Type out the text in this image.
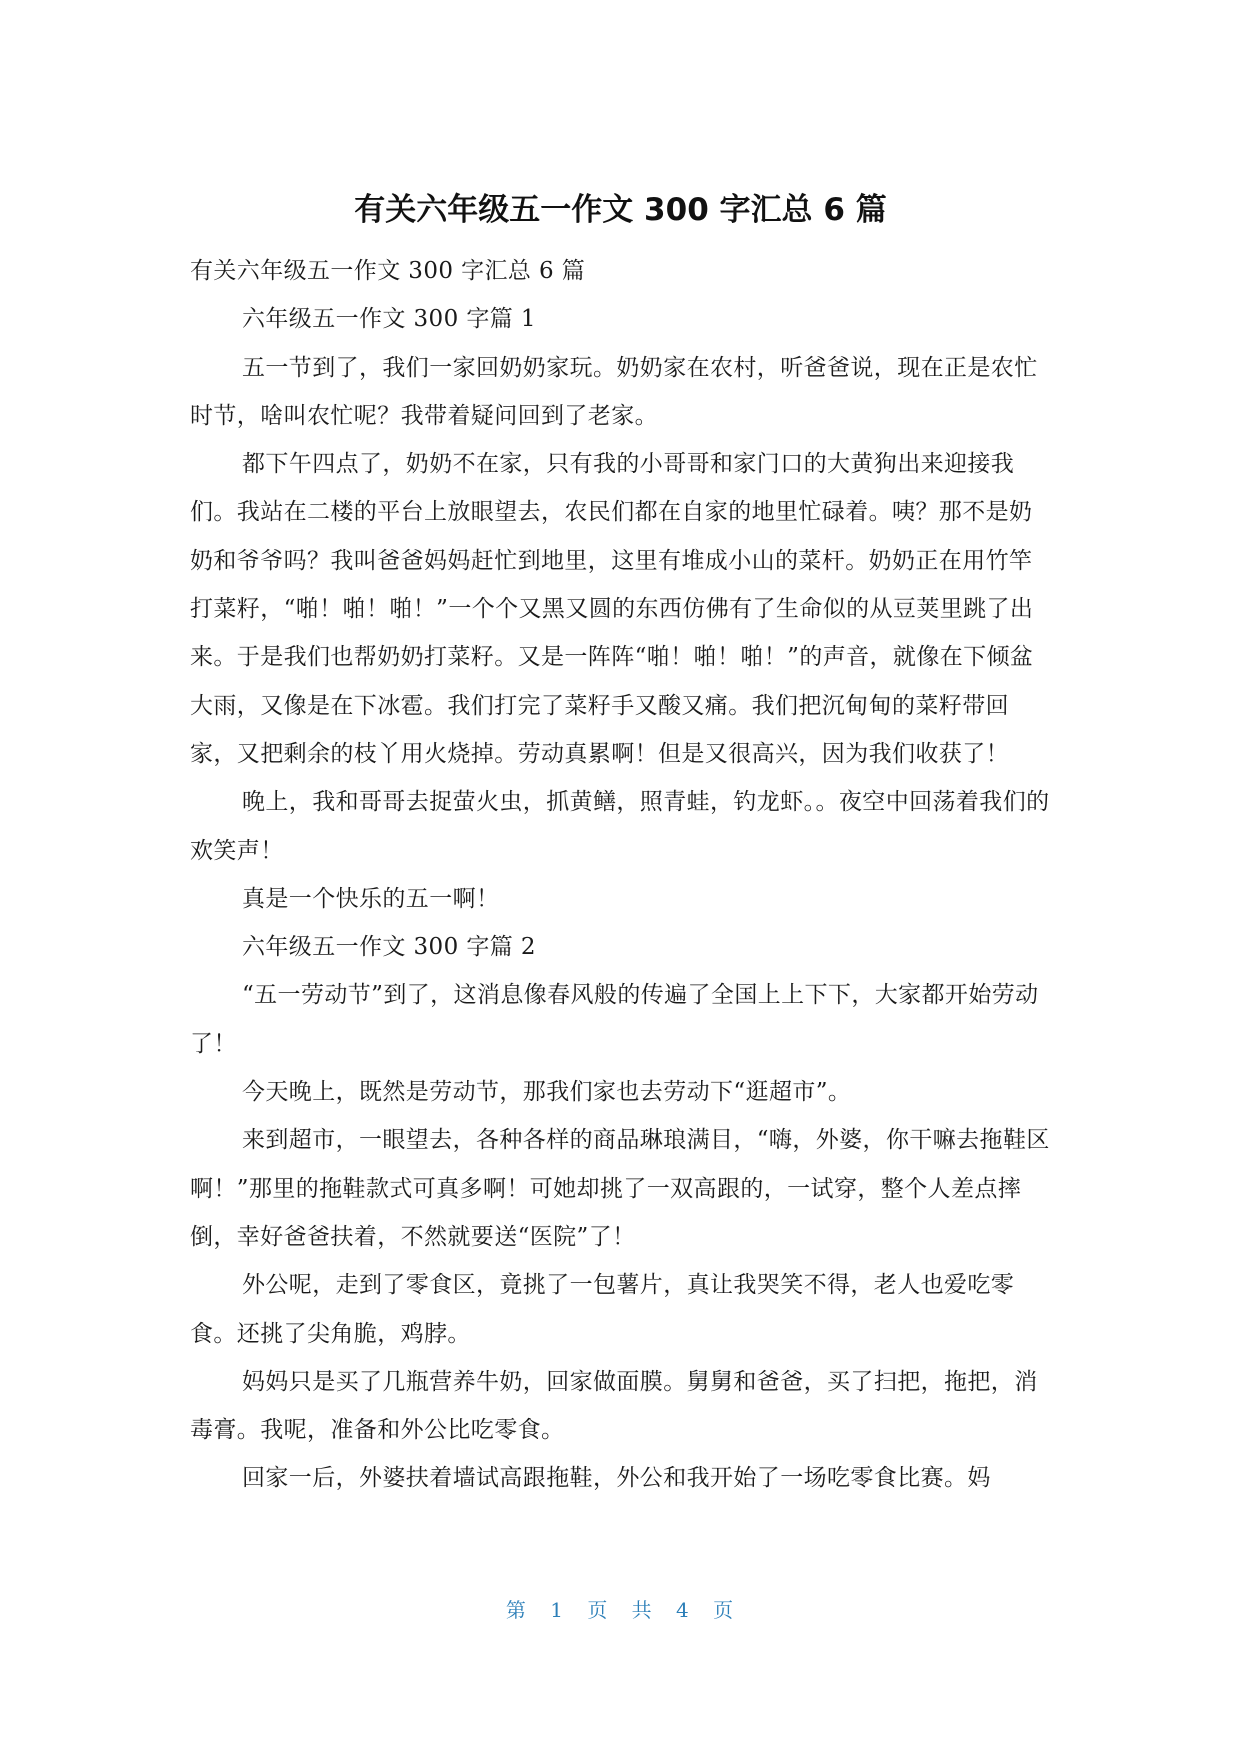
有关六年级五一作文 300 字汇总 6 篇

有关六年级五一作文 300 字汇总 6 篇

六年级五一作文 300 字篇 1

五一节到了，我们一家回奶奶家玩。奶奶家在农村，听爸爸说，现在正是农忙时节，啥叫农忙呢？我带着疑问回到了老家。

都下午四点了，奶奶不在家，只有我的小哥哥和家门口的大黄狗出来迎接我们。我站在二楼的平台上放眼望去，农民们都在自家的地里忙碌着。咦？那不是奶奶和爷爷吗？我叫爸爸妈妈赶忙到地里，这里有堆成小山的菜杆。奶奶正在用竹竿打菜籽，“啪！啪！啪！”一个个又黑又圆的东西仿佛有了生命似的从豆荚里跳了出来。于是我们也帮奶奶打菜籽。又是一阵阵“啪！啪！啪！”的声音，就像在下倾盆大雨，又像是在下冰雹。我们打完了菜籽手又酸又痛。我们把沉甸甸的菜籽带回家，又把剩余的枝丫用火烧掉。劳动真累啊！但是又很高兴，因为我们收获了！

晚上，我和哥哥去捉萤火虫，抓黄鳝，照青蛙，钓龙虾。。夜空中回荡着我们的欢笑声！

真是一个快乐的五一啊！

六年级五一作文 300 字篇 2

“五一劳动节”到了，这消息像春风般的传遍了全国上上下下，大家都开始劳动了！

今天晚上，既然是劳动节，那我们家也去劳动下“逛超市”。

来到超市，一眼望去，各种各样的商品琳琅满目，“嗨，外婆，你干嘛去拖鞋区啊！”那里的拖鞋款式可真多啊！可她却挑了一双高跟的，一试穿，整个人差点摔倒，幸好爸爸扶着，不然就要送“医院”了！

外公呢，走到了零食区，竟挑了一包薯片，真让我哭笑不得，老人也爱吃零食。还挑了尖角脆，鸡脖。

妈妈只是买了几瓶营养牛奶，回家做面膜。舅舅和爸爸，买了扫把，拖把，消毒膏。我呢，准备和外公比吃零食。

回家一后，外婆扶着墙试高跟拖鞋，外公和我开始了一场吃零食比赛。妈

第 1 页 共 4 页
